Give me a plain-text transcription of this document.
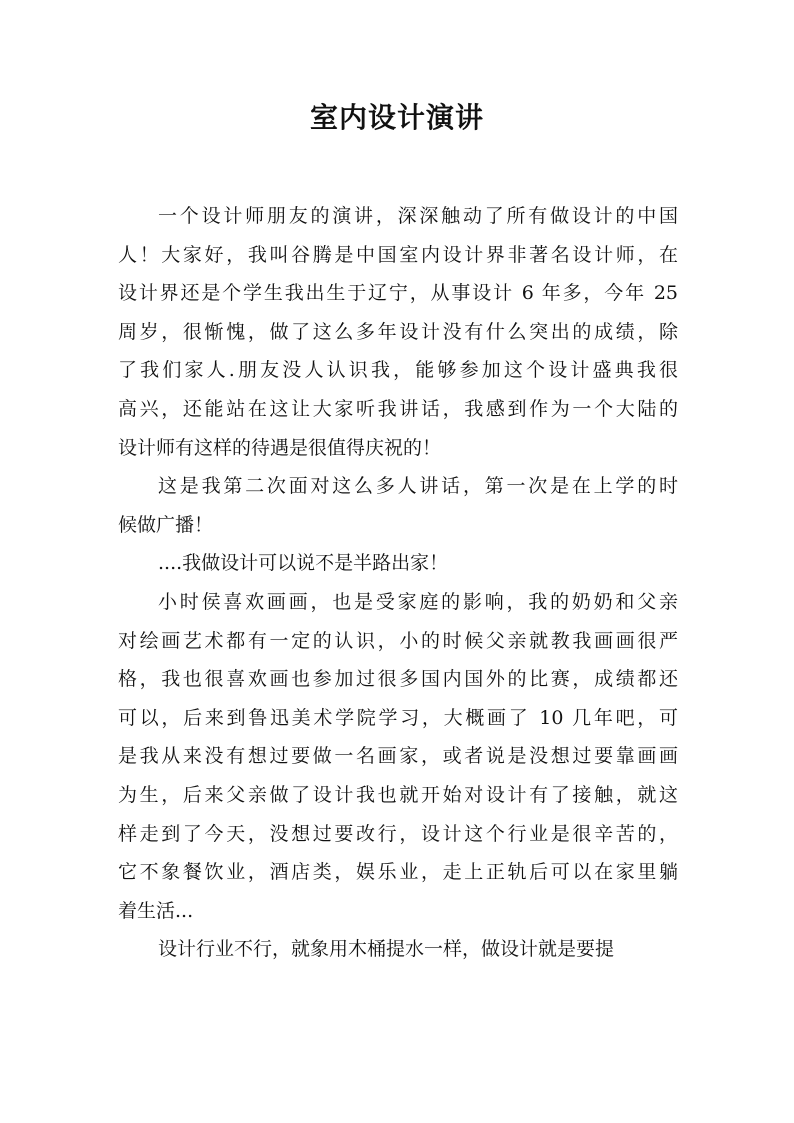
室内设计演讲
一个设计师朋友的演讲，深深触动了所有做设计的中国
人！大家好，我叫谷腾是中国室内设计界非著名设计师，在
设计界还是个学生我出生于辽宁，从事设计 6 年多，今年 25
周岁，很惭愧，做了这么多年设计没有什么突出的成绩，除
了我们家人.朋友没人认识我，能够参加这个设计盛典我很
高兴，还能站在这让大家听我讲话，我感到作为一个大陆的
设计师有这样的待遇是很值得庆祝的！
这是我第二次面对这么多人讲话，第一次是在上学的时
候做广播！
....我做设计可以说不是半路出家！
小时侯喜欢画画，也是受家庭的影响，我的奶奶和父亲
对绘画艺术都有一定的认识，小的时候父亲就教我画画很严
格，我也很喜欢画也参加过很多国内国外的比赛，成绩都还
可以，后来到鲁迅美术学院学习，大概画了 10 几年吧，可
是我从来没有想过要做一名画家，或者说是没想过要靠画画
为生，后来父亲做了设计我也就开始对设计有了接触，就这
样走到了今天，没想过要改行，设计这个行业是很辛苦的，
它不象餐饮业，酒店类，娱乐业，走上正轨后可以在家里躺
着生活...
设计行业不行，就象用木桶提水一样，做设计就是要提
